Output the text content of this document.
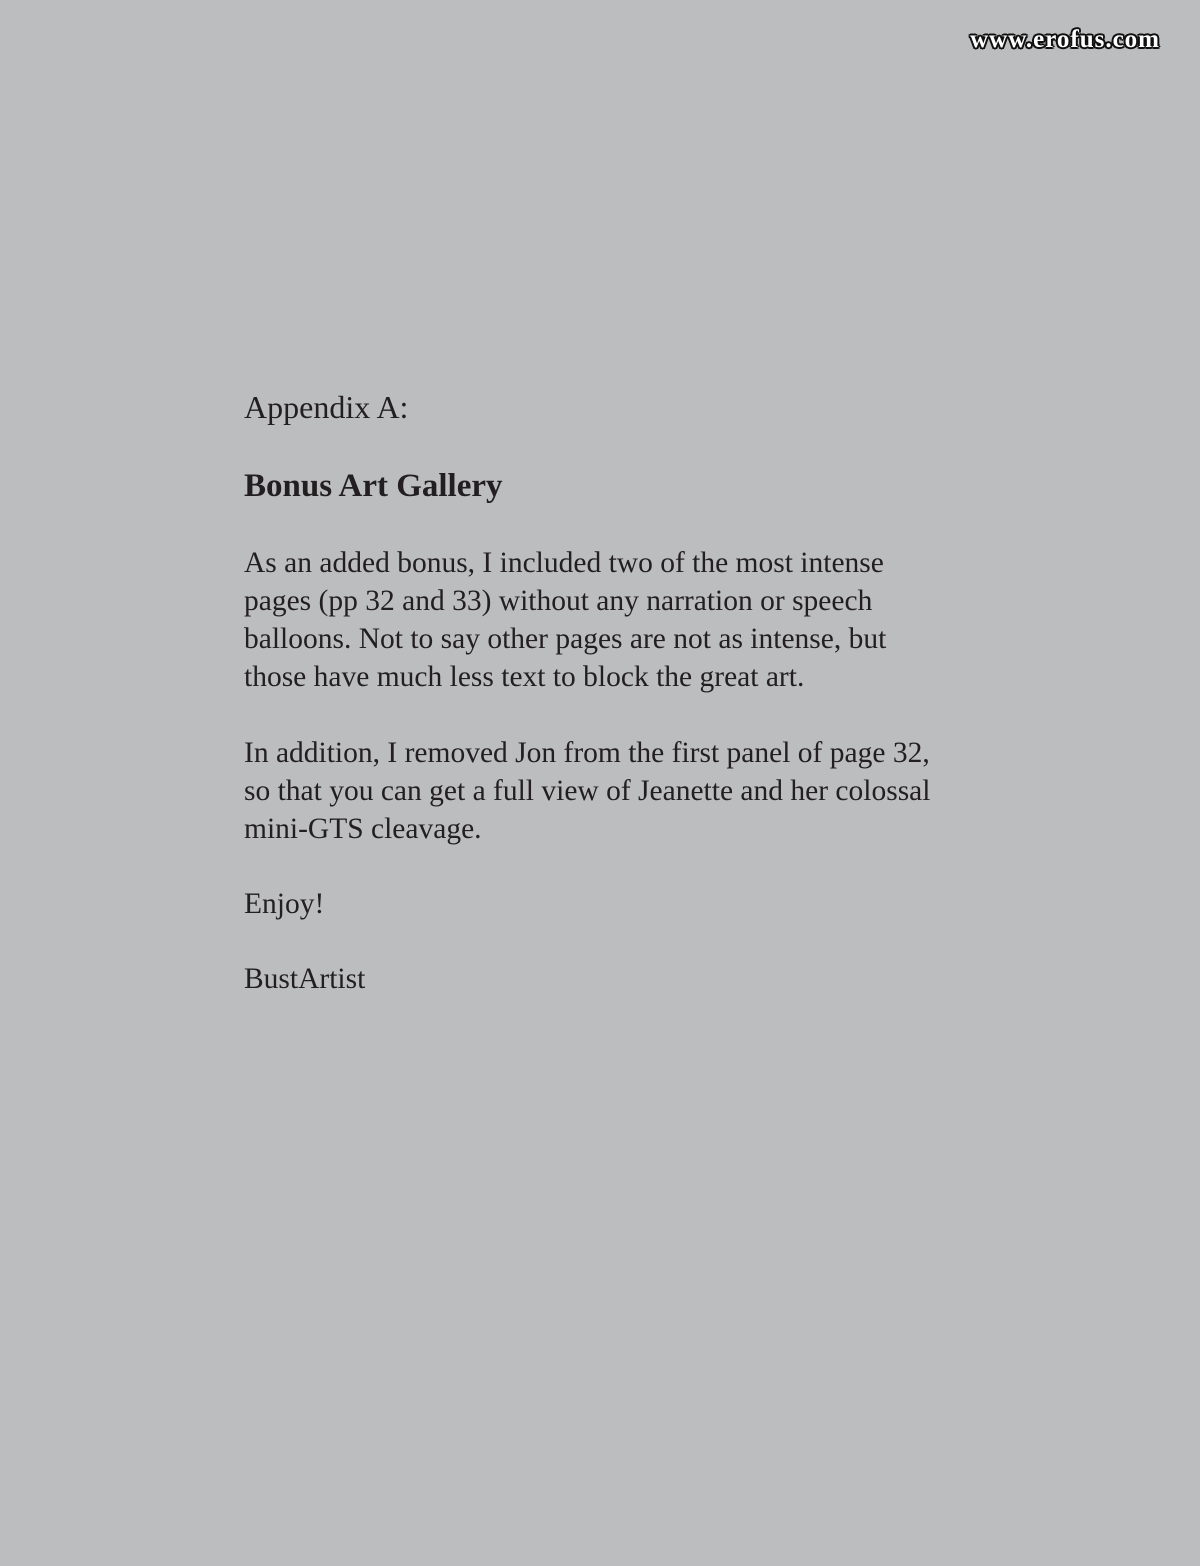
www.erofus.com

Appendix A:

Bonus Art Gallery

As an added bonus, I included two of the most intense pages (pp 32 and 33) without any narration or speech balloons. Not to say other pages are not as intense, but those have much less text to block the great art.

In addition, I removed Jon from the first panel of page 32, so that you can get a full view of Jeanette and her colossal mini-GTS cleavage.

Enjoy!

BustArtist
